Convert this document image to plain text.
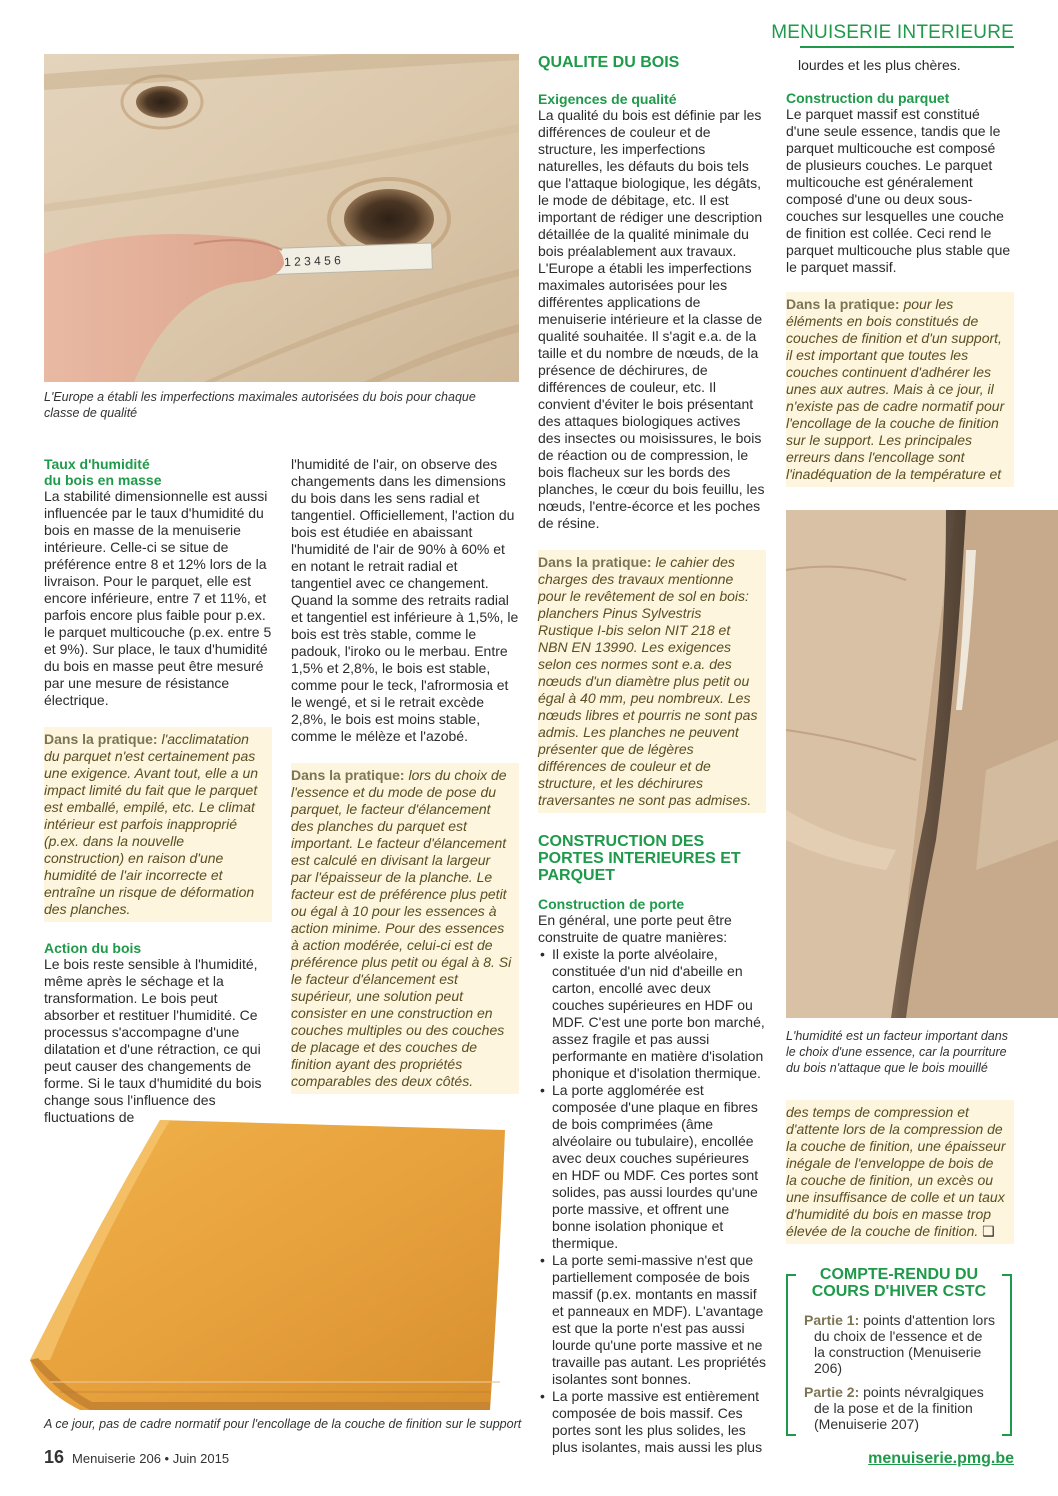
MENUISERIE INTERIEURE
1 2 3 4 5 6
L'Europe a établi les imperfections maximales autorisées du bois pour chaque classe de qualité

Taux d'humidité
du bois en masse

La stabilité dimensionnelle est aussi influencée par le taux d'humidité du bois en masse de la menuiserie intérieure. Celle-ci se situe de préférence entre 8 et 12% lors de la livraison. Pour le parquet, elle est encore inférieure, entre 7 et 11%, et parfois encore plus faible pour p.ex. le parquet multicouche (p.ex. entre 5 et 9%). Sur place, le taux d'humidité du bois en masse peut être mesuré par une mesure de résistance électrique.

Dans la pratique: l'acclimatation du parquet n'est certainement pas une exigence. Avant tout, elle a un impact limité du fait que le parquet est emballé, empilé, etc. Le climat intérieur est parfois inapproprié (p.ex. dans la nouvelle construction) en raison d'une humidité de l'air incorrecte et entraîne un risque de déformation des planches.

Action du bois

Le bois reste sensible à l'humidité, même après le séchage et la transformation. Le bois peut absorber et restituer l'humidité. Ce processus s'accompagne d'une dilatation et d'une rétraction, ce qui peut causer des changements de forme. Si le taux d'humidité du bois change sous l'influence des fluctuations de

l'humidité de l'air, on observe des changements dans les dimensions du bois dans les sens radial et tangentiel. Officiellement, l'action du bois est étudiée en abaissant l'humidité de l'air de 90% à 60% et en notant le retrait radial et tangentiel avec ce changement. Quand la somme des retraits radial et tangentiel est inférieure à 1,5%, le bois est très stable, comme le padouk, l'iroko ou le merbau. Entre 1,5% et 2,8%, le bois est stable, comme pour le teck, l'afrormosia et le wengé, et si le retrait excède 2,8%, le bois est moins stable, comme le mélèze et l'azobé.

Dans la pratique: lors du choix de l'essence et du mode de pose du parquet, le facteur d'élancement des planches du parquet est important. Le facteur d'élancement est calculé en divisant la largeur par l'épaisseur de la planche. Le facteur est de préférence plus petit ou égal à 10 pour les essences à action minime. Pour des essences à action modérée, celui-ci est de préférence plus petit ou égal à 8. Si le facteur d'élancement est supérieur, une solution peut consister en une construction en couches multiples ou des couches de placage et des couches de finition ayant des propriétés comparables des deux côtés.
A ce jour, pas de cadre normatif pour l'encollage de la couche de finition sur le support

QUALITE DU BOIS

Exigences de qualité

La qualité du bois est définie par les différences de couleur et de structure, les imperfections naturelles, les défauts du bois tels que l'attaque biologique, les dégâts, le mode de débitage, etc. Il est important de rédiger une description détaillée de la qualité minimale du bois préalablement aux travaux. L'Europe a établi les imperfections maximales autorisées pour les différentes applications de menuiserie intérieure et la classe de qualité souhaitée. Il s'agit e.a. de la taille et du nombre de nœuds, de la présence de déchirures, de différences de couleur, etc. Il convient d'éviter le bois présentant des attaques biologiques actives des insectes ou moisissures, le bois de réaction ou de compression, le bois flacheux sur les bords des planches, le cœur du bois feuillu, les nœuds, l'entre-écorce et les poches de résine.

Dans la pratique: le cahier des charges des travaux mentionne pour le revêtement de sol en bois: planchers Pinus Sylvestris Rustique I-bis selon NIT 218 et NBN EN 13990. Les exigences selon ces normes sont e.a. des nœuds d'un diamètre plus petit ou égal à 40 mm, peu nombreux. Les nœuds libres et pourris ne sont pas admis. Les planches ne peuvent présenter que de légères différences de couleur et de structure, et les déchirures traversantes ne sont pas admises.

CONSTRUCTION DES PORTES INTERIEURES ET PARQUET

Construction de porte

En général, une porte peut être construite de quatre manières:

• Il existe la porte alvéolaire, constituée d'un nid d'abeille en carton, encollé avec deux couches supérieures en HDF ou MDF. C'est une porte bon marché, assez fragile et pas aussi performante en matière d'isolation phonique et d'isolation thermique.
• La porte agglomérée est composée d'une plaque en fibres de bois comprimées (âme alvéolaire ou tubulaire), encollée avec deux couches supérieures en HDF ou MDF. Ces portes sont solides, pas aussi lourdes qu'une porte massive, et offrent une bonne isolation phonique et thermique.
• La porte semi-massive n'est que partiellement composée de bois massif (p.ex. montants en massif et panneaux en MDF). L'avantage est que la porte n'est pas aussi lourde qu'une porte massive et ne travaille pas autant. Les propriétés isolantes sont bonnes.
• La porte massive est entièrement composée de bois massif. Ces portes sont les plus solides, les plus isolantes, mais aussi les plus

lourdes et les plus chères.

Construction du parquet

Le parquet massif est constitué d'une seule essence, tandis que le parquet multicouche est composé de plusieurs couches. Le parquet multicouche est généralement composé d'une ou deux sous-couches sur lesquelles une couche de finition est collée. Ceci rend le parquet multicouche plus stable que le parquet massif.

Dans la pratique: pour les éléments en bois constitués de couches de finition et d'un support, il est important que toutes les couches continuent d'adhérer les unes aux autres. Mais à ce jour, il n'existe pas de cadre normatif pour l'encollage de la couche de finition sur le support. Les principales erreurs dans l'encollage sont l'inadéquation de la température et
L'humidité est un facteur important dans le choix d'une essence, car la pourriture du bois n'attaque que le bois mouillé
des temps de compression et d'attente lors de la compression de la couche de finition, une épaisseur inégale de l'enveloppe de bois de la couche de finition, un excès ou une insuffisance de colle et un taux d'humidité du bois en masse trop élevée de la couche de finition. ❑
COMPTE-RENDU DU
COURS D'HIVER CSTC
Partie 1: points d'attention lors du choix de l'essence et de la construction (Menuiserie 206)
Partie 2: points névralgiques de la pose et de la finition (Menuiserie 207)
16 Menuiserie 206 • Juin 2015	menuiserie.pmg.be
